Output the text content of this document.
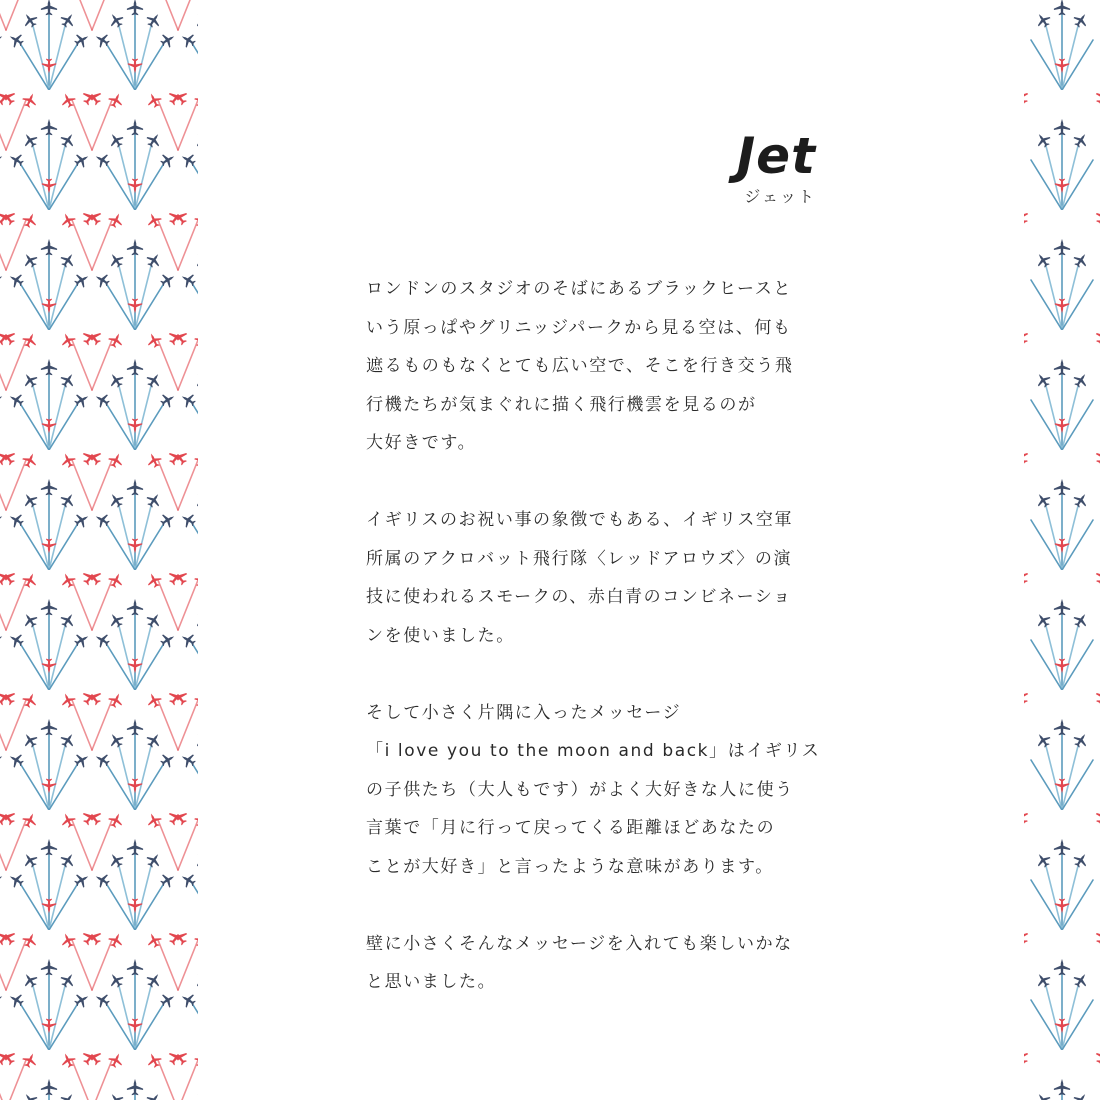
Jet
ジェット
ロンドンのスタジオのそばにあるブラックヒースと
いう原っぱやグリニッジパークから見る空は、何も
遮るものもなくとても広い空で、そこを行き交う飛
行機たちが気まぐれに描く飛行機雲を見るのが
大好きです。
イギリスのお祝い事の象徴でもある、イギリス空軍
所属のアクロバット飛行隊〈レッドアロウズ〉の演
技に使われるスモークの、赤白青のコンビネーショ
ンを使いました。
そして小さく片隅に入ったメッセージ
「i love you to the moon and back」はイギリス
の子供たち（大人もです）がよく大好きな人に使う
言葉で「月に行って戻ってくる距離ほどあなたの
ことが大好き」と言ったような意味があります。
壁に小さくそんなメッセージを入れても楽しいかな
と思いました。
